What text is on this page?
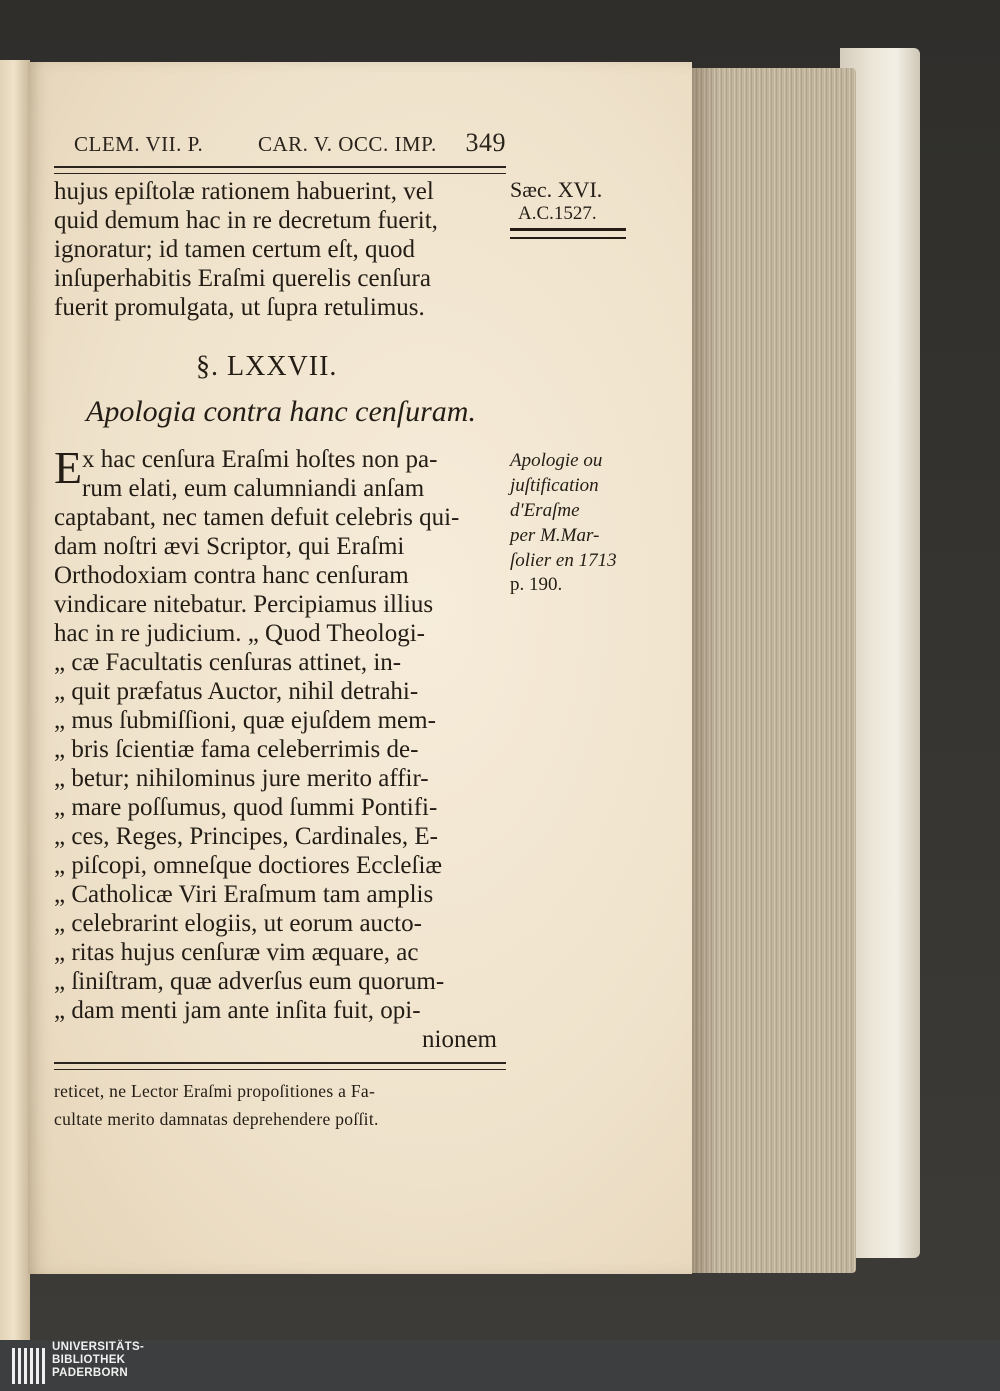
CLEM. VII. P.	CAR. V. OCC. IMP. 349
hujus epiſtolæ rationem habuerint, vel
quid demum hac in re decretum fuerit,
ignoratur; id tamen certum eſt, quod
inſuperhabitis Eraſmi querelis cenſura
fuerit promulgata, ut ſupra retulimus.
§. LXXVII.
Apologia contra hanc cenſuram.
E x hac cenſura Eraſmi hoſtes non pa-
rum elati, eum calumniandi anſam
captabant, nec tamen defuit celebris qui-
dam noſtri ævi Scriptor, qui Eraſmi
Orthodoxiam contra hanc cenſuram
vindicare nitebatur. Percipiamus illius
hac in re judicium. „ Quod Theologi-
„ cæ Facultatis cenſuras attinet, in-
„ quit præfatus Auctor, nihil detrahi-
„ mus ſubmiſſioni, quæ ejuſdem mem-
„ bris ſcientiæ fama celeberrimis de-
„ betur; nihilominus jure merito affir-
„ mare poſſumus, quod ſummi Pontifi-
„ ces, Reges, Principes, Cardinales, E-
„ piſcopi, omneſque doctiores Eccleſiæ
„ Catholicæ Viri Eraſmum tam amplis
„ celebrarint elogiis, ut eorum aucto-
„ ritas hujus cenſuræ vim æquare, ac
„ ſiniſtram, quæ adverſus eum quorum-
„ dam menti jam ante inſita fuit, opi-
nionem
Sæc. XVI.
A.C.1527.
Apologie ou
juſtification
d'Eraſme
per M.Mar-
ſolier en 1713
p. 190.
reticet, ne Lector Eraſmi propoſitiones a Fa-
cultate merito damnatas deprehendere poſſit.
UNIVERSITÄTS-
BIBLIOTHEK
PADERBORN
